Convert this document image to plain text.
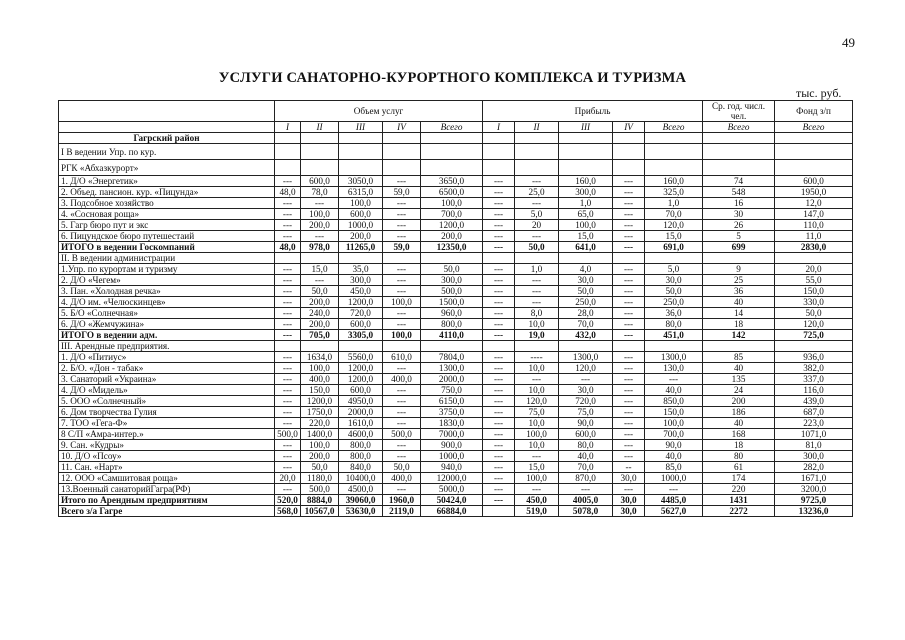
49
УСЛУГИ САНАТОРНО-КУРОРТНОГО КОМПЛЕКСА И ТУРИЗМА
тыс. руб.
	Объем услуг					Прибыль					Ср. год. числ. чел.	Фонд з/п
	I	II	III	IV	Всего	I	II	III	IV	Всего	Всего	Всего
Гагрский район												
I В ведении Упр. по кур.												
РГК «Абхазкурорт»												
1. Д/О «Энергетик»	---	600,0	3050,0	---	3650,0	---	---	160,0	---	160,0	74	600,0
2. Объед. пансион. кур. «Пицунда»	48,0	78,0	6315,0	59,0	6500,0	---	25,0	300,0	---	325,0	548	1950,0
3. Подсобное хозяйство	---	---	100,0	---	100,0	---	---	1,0	---	1,0	16	12,0
4. «Сосновая роща»	---	100,0	600,0	---	700,0	---	5,0	65,0	---	70,0	30	147,0
5. Гагр бюро пут и экс	---	200,0	1000,0	---	1200,0	---	20	100,0	---	120,0	26	110,0
6. Пицундское бюро путешестаий	---	---	200,0	---	200,0	---	---	15,0	---	15,0	5	11,0
ИТОГО в ведении Госкомпаний	48,0	978,0	11265,0	59,0	12350,0	---	50,0	641,0	---	691,0	699	2830,0
II. В ведении администрации												
1.Упр. по курортам и туризму	---	15,0	35,0	---	50,0	---	1,0	4,0	---	5,0	9	20,0
2. Д/О «Чегем»	---	---	300,0	---	300,0	---	---	30,0	---	30,0	25	55,0
3. Пан. «Холодная речка»	---	50,0	450,0	---	500,0	---	---	50,0	---	50,0	36	150,0
4. Д/О им. «Челюскинцев»	---	200,0	1200,0	100,0	1500,0	---	---	250,0	---	250,0	40	330,0
5. Б/О «Солнечная»	---	240,0	720,0	---	960,0	---	8,0	28,0	---	36,0	14	50,0
6. Д/О «Жемчужина»	---	200,0	600,0	---	800,0	---	10,0	70,0	---	80,0	18	120,0
ИТОГО в ведении адм.	---	705,0	3305,0	100,0	4110,0	---	19,0	432,0	---	451,0	142	725,0
III. Арендные предприятия.												
1. Д/О «Питиус»	---	1634,0	5560,0	610,0	7804,0	---	----	1300,0	---	1300,0	85	936,0
2. Б/О. «Дон - табак»	---	100,0	1200,0	---	1300,0	---	10,0	120,0	---	130,0	40	382,0
3. Санаторий «Украина»	---	400,0	1200,0	400,0	2000,0	---	---	---	---	---	135	337,0
4. Д/О «Мидель»	---	150,0	600,0	---	750,0	---	10,0	30,0	---	40,0	24	116,0
5. ООО «Солнечный»	---	1200,0	4950,0	---	6150,0	---	120,0	720,0	---	850,0	200	439,0
6. Дом творчества Гулия	---	1750,0	2000,0	---	3750,0	---	75,0	75,0	---	150,0	186	687,0
7. ТОО «Гега-Ф»	---	220,0	1610,0	---	1830,0	---	10,0	90,0	---	100,0	40	223,0
8 С/П «Амра-интер.»	500,0	1400,0	4600,0	500,0	7000,0	---	100,0	600,0	---	700,0	168	1071,0
9. Сан. «Кудры»	---	100,0	800,0	---	900,0	---	10,0	80,0	---	90,0	18	81,0
10. Д/О «Псоу»	---	200,0	800,0	---	1000,0	---	---	40,0	---	40,0	80	300,0
11. Сан. «Нарт»	---	50,0	840,0	50,0	940,0	---	15,0	70,0	--	85,0	61	282,0
12. ООО «Самшитовая роща»	20,0	1180,0	10400,0	400,0	12000,0	---	100,0	870,0	30,0	1000,0	174	1671,0
13.Военный санаторийГагра(РФ)	---	500,0	4500,0	---	5000,0	---	---	---	---	---	220	3200,0
Итого по Арендным предприятиям	520,0	8884,0	39060,0	1960,0	50424,0	---	450,0	4005,0	30,0	4485,0	1431	9725,0
Всего з/а Гагре	568,0	10567,0	53630,0	2119,0	66884,0		519,0	5078,0	30,0	5627,0	2272	13236,0
